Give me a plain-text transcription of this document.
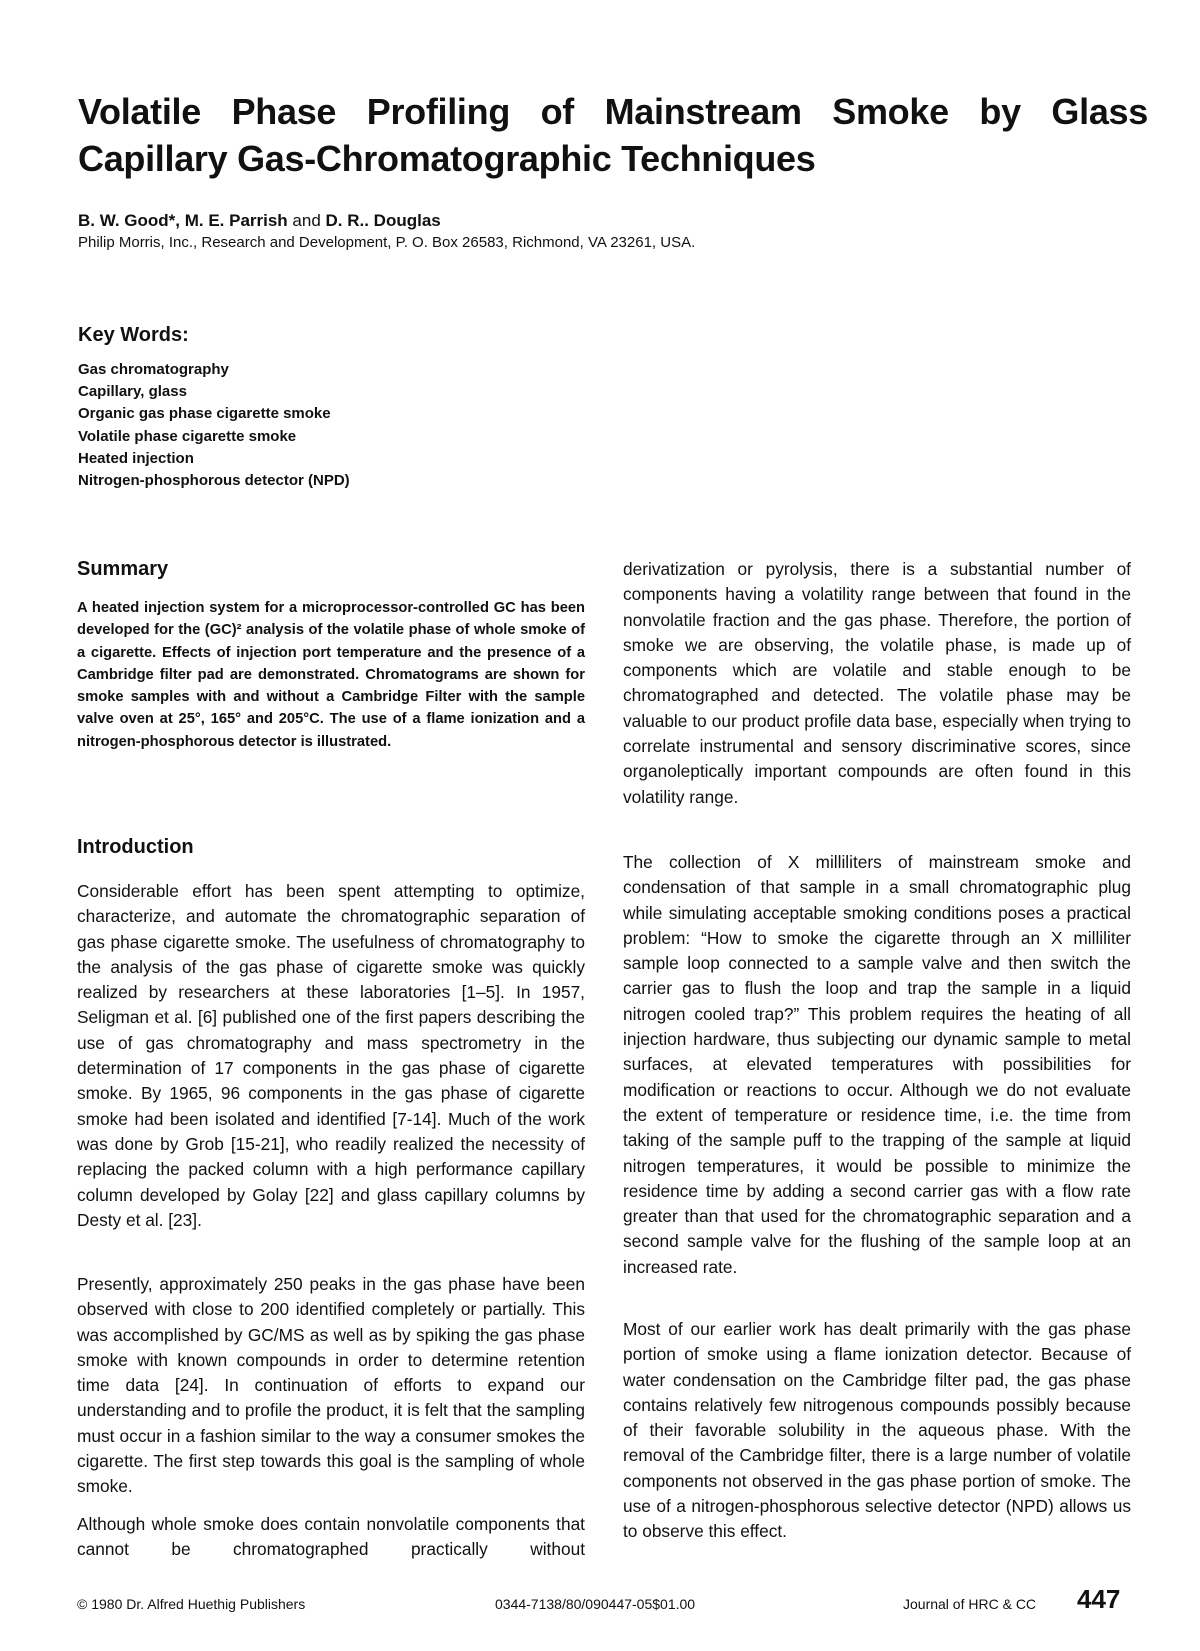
Volatile Phase Profiling of Mainstream Smoke by Glass
Capillary Gas-Chromatographic Techniques
B. W. Good*, M. E. Parrish and D. R.. Douglas
Philip Morris, Inc., Research and Development, P. O. Box 26583, Richmond, VA 23261, USA.
Key Words:
Gas chromatography
Capillary, glass
Organic gas phase cigarette smoke
Volatile phase cigarette smoke
Heated injection
Nitrogen-phosphorous detector (NPD)
Summary

A heated injection system for a microprocessor-controlled GC has been developed for the (GC)² analysis of the volatile phase of whole smoke of a cigarette. Effects of injection port temperature and the presence of a Cambridge filter pad are demonstrated. Chromatograms are shown for smoke samples with and without a Cambridge Filter with the sample valve oven at 25°, 165° and 205°C. The use of a flame ionization and a nitrogen-phosphorous detector is illustrated.

Introduction

Considerable effort has been spent attempting to optimize, characterize, and automate the chromatographic separation of gas phase cigarette smoke. The usefulness of chromatography to the analysis of the gas phase of cigarette smoke was quickly realized by researchers at these laboratories [1–5]. In 1957, Seligman et al. [6] published one of the first papers describing the use of gas chromatography and mass spectrometry in the determination of 17 components in the gas phase of cigarette smoke. By 1965, 96 components in the gas phase of cigarette smoke had been isolated and identified [7-14]. Much of the work was done by Grob [15-21], who readily realized the necessity of replacing the packed column with a high performance capillary column developed by Golay [22] and glass capillary columns by Desty et al. [23].

Presently, approximately 250 peaks in the gas phase have been observed with close to 200 identified completely or partially. This was accomplished by GC/MS as well as by spiking the gas phase smoke with known compounds in order to determine retention time data [24]. In continuation of efforts to expand our understanding and to profile the product, it is felt that the sampling must occur in a fashion similar to the way a consumer smokes the cigarette. The first step towards this goal is the sampling of whole smoke.

Although whole smoke does contain nonvolatile components that cannot be chromatographed practically without

derivatization or pyrolysis, there is a substantial number of components having a volatility range between that found in the nonvolatile fraction and the gas phase. Therefore, the portion of smoke we are observing, the volatile phase, is made up of components which are volatile and stable enough to be chromatographed and detected. The volatile phase may be valuable to our product profile data base, especially when trying to correlate instrumental and sensory discriminative scores, since organoleptically important compounds are often found in this volatility range.

The collection of X milliliters of mainstream smoke and condensation of that sample in a small chromatographic plug while simulating acceptable smoking conditions poses a practical problem: “How to smoke the cigarette through an X milliliter sample loop connected to a sample valve and then switch the carrier gas to flush the loop and trap the sample in a liquid nitrogen cooled trap?” This problem requires the heating of all injection hardware, thus subjecting our dynamic sample to metal surfaces, at elevated temperatures with possibilities for modification or reactions to occur. Although we do not evaluate the extent of temperature or residence time, i.e. the time from taking of the sample puff to the trapping of the sample at liquid nitrogen temperatures, it would be possible to minimize the residence time by adding a second carrier gas with a flow rate greater than that used for the chromatographic separation and a second sample valve for the flushing of the sample loop at an increased rate.

Most of our earlier work has dealt primarily with the gas phase portion of smoke using a flame ionization detector. Because of water condensation on the Cambridge filter pad, the gas phase contains relatively few nitrogenous compounds possibly because of their favorable solubility in the aqueous phase. With the removal of the Cambridge filter, there is a large number of volatile components not observed in the gas phase portion of smoke. The use of a nitrogen-phosphorous selective detector (NPD) allows us to observe this effect.

© 1980 Dr. Alfred Huethig Publishers	0344-7138/80/090447-05$01.00	Journal of HRC & CC 447
